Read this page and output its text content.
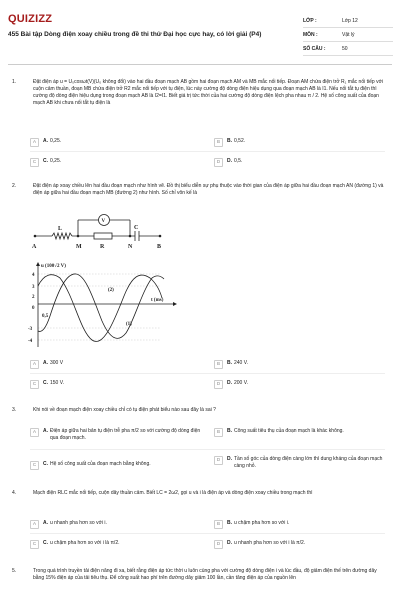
QUIZIZZ
455 Bài tập Dòng điện xoay chiều trong đề thi thử Đại học cực hay, có lời giải (P4)
LỚP :	Lớp 12
MÔN :	Vật lý
SỐ CÂU :	50
1.	Đặt điện áp u = U₀cosωt(V)(U₀ không đổi) vào hai đầu đoạn mạch AB gồm hai đoạn mạch AM và MB mắc nối tiếp. Đoạn AM chứa điện trở R₁ mắc nối tiếp với cuộn cảm thuần, đoạn MB chứa điện trở R2 mắc nối tiếp với tụ điện, lúc này cường độ dòng điện hiệu dụng qua đoạn mạch AB là I1. Nếu nối tắt tụ điện thì cường độ dòng điện hiệu dụng trong đoạn mạch AB là I2=I1. Biết giá trị tức thời của hai cường độ dòng điện lệch pha nhau π / 2. Hệ số công suất của đoạn mạch AB khi chưa nối tắt tụ điện là
A	A. 0,25.	B	B. 0,52.
C	C. 0,25.	D	D. 0,5.
2.	Đặt điện áp xoay chiều lên hai đầu đoạn mạch như hình vẽ. Đồ thị biểu diễn sự phụ thuộc vào thời gian của điện áp giữa hai đầu đoạn mạch AN (đường 1) và điện áp giữa hai đầu đoạn mạch MB (đường 2) như hình. Số chỉ vôn kế là
A
L
M	R	N
C
B
V
u (100√2 V)
t (ms)
4
3
2
0
-3
-4
0,5
(2)
(1)
A	A. 300 V	B	B. 240 V.
C	C. 150 V.	D	D. 200 V.
3.	Khi nói về đoạn mạch điện xoay chiều chỉ có tụ điện phát biểu nào sau đây là sai ?
A	A. Điện áp giữa hai bản tụ điện trễ pha π/2 so với cường độ dòng điện qua đoạn mạch.
B	B. Công suất tiêu thụ của đoạn mạch là khác không.
C	C. Hệ số công suất của đoạn mạch bằng không.
D	D. Tần số góc của dòng điện càng lớn thì dung kháng của đoạn mạch càng nhỏ.
4.	Mạch điện RLC mắc nối tiếp, cuộn dây thuần cảm. Biết LC = 2ω2, gọi u và i là điện áp và dòng điện xoay chiều trong mạch thì
A	A. u nhanh pha hơn so với i.	B	B. u chậm pha hơn so với i.
C	C. u chậm pha hơn so với i là π/2.	D	D. u nhanh pha hơn so với i là π/2.
5.	Trong quá trình truyền tải điện năng đi xa, biết rằng điện áp tức thời u luôn cùng pha với cường độ dòng điện i và lúc đầu, độ giảm điện thế trên đường dây bằng 15% điện áp của tải tiêu thụ. Để công suất hao phí trên đường dây giảm 100 lần, cần tăng điện áp của nguồn lên
